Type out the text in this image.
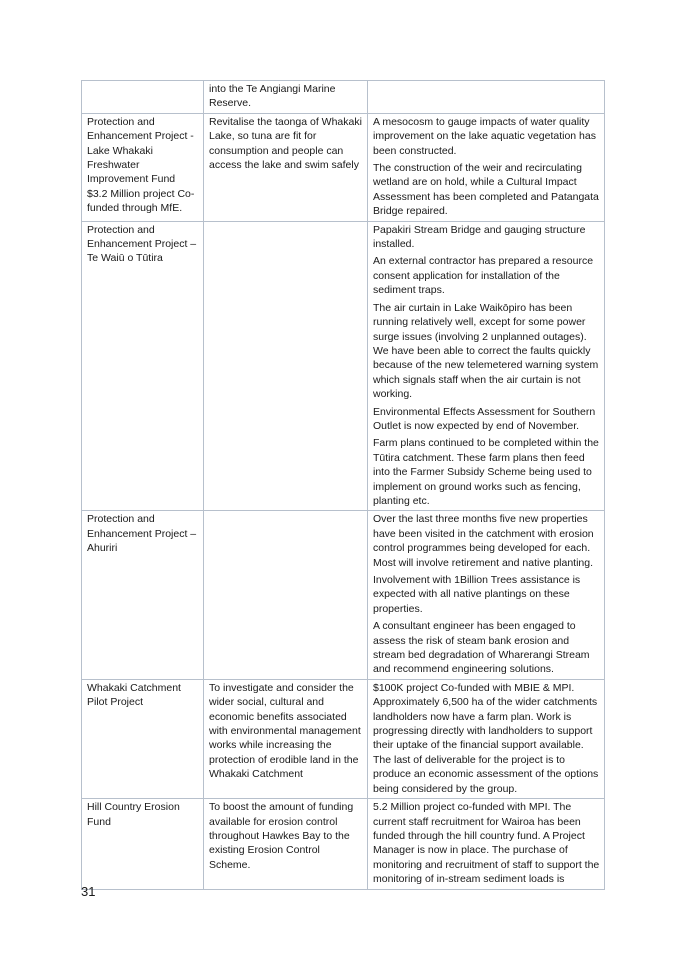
	into the Te Angiangi Marine Reserve.	

Protection and Enhancement Project - Lake Whakaki Freshwater Improvement Fund $3.2 Million project Co-funded through MfE.	Revitalise the taonga of Whakaki Lake, so tuna are fit for consumption and people can access the lake and swim safely	A mesocosm to gauge impacts of water quality improvement on the lake aquatic vegetation has been constructed.

The construction of the weir and recirculating wetland are on hold, while a Cultural Impact Assessment has been completed and Patangata Bridge repaired.

Protection and Enhancement Project – Te Waiū o Tūtira		Papakiri Stream Bridge and gauging structure installed.

An external contractor has prepared a resource consent application for installation of the sediment traps.

The air curtain in Lake Waikōpiro has been running relatively well, except for some power surge issues (involving 2 unplanned outages). We have been able to correct the faults quickly because of the new telemetered warning system which signals staff when the air curtain is not working.

Environmental Effects Assessment for Southern Outlet is now expected by end of November.

Farm plans continued to be completed within the Tūtira catchment. These farm plans then feed into the Farmer Subsidy Scheme being used to implement on ground works such as fencing, planting etc.

Protection and Enhancement Project – Ahuriri		Over the last three months five new properties have been visited in the catchment with erosion control programmes being developed for each. Most will involve retirement and native planting.

Involvement with 1Billion Trees assistance is expected with all native plantings on these properties.

A consultant engineer has been engaged to assess the risk of steam bank erosion and stream bed degradation of Wharerangi Stream and recommend engineering solutions.

Whakaki Catchment Pilot Project	To investigate and consider the wider social, cultural and economic benefits associated with environmental management works while increasing the protection of erodible land in the Whakaki Catchment	$100K project Co-funded with MBIE & MPI. Approximately 6,500 ha of the wider catchments landholders now have a farm plan. Work is progressing directly with landholders to support their uptake of the financial support available. The last of deliverable for the project is to produce an economic assessment of the options being considered by the group.

Hill Country Erosion Fund	To boost the amount of funding available for erosion control throughout Hawkes Bay to the existing Erosion Control Scheme.	5.2 Million project co-funded with MPI. The current staff recruitment for Wairoa has been funded through the hill country fund. A Project Manager is now in place. The purchase of monitoring and recruitment of staff to support the monitoring of in-stream sediment loads is

31
